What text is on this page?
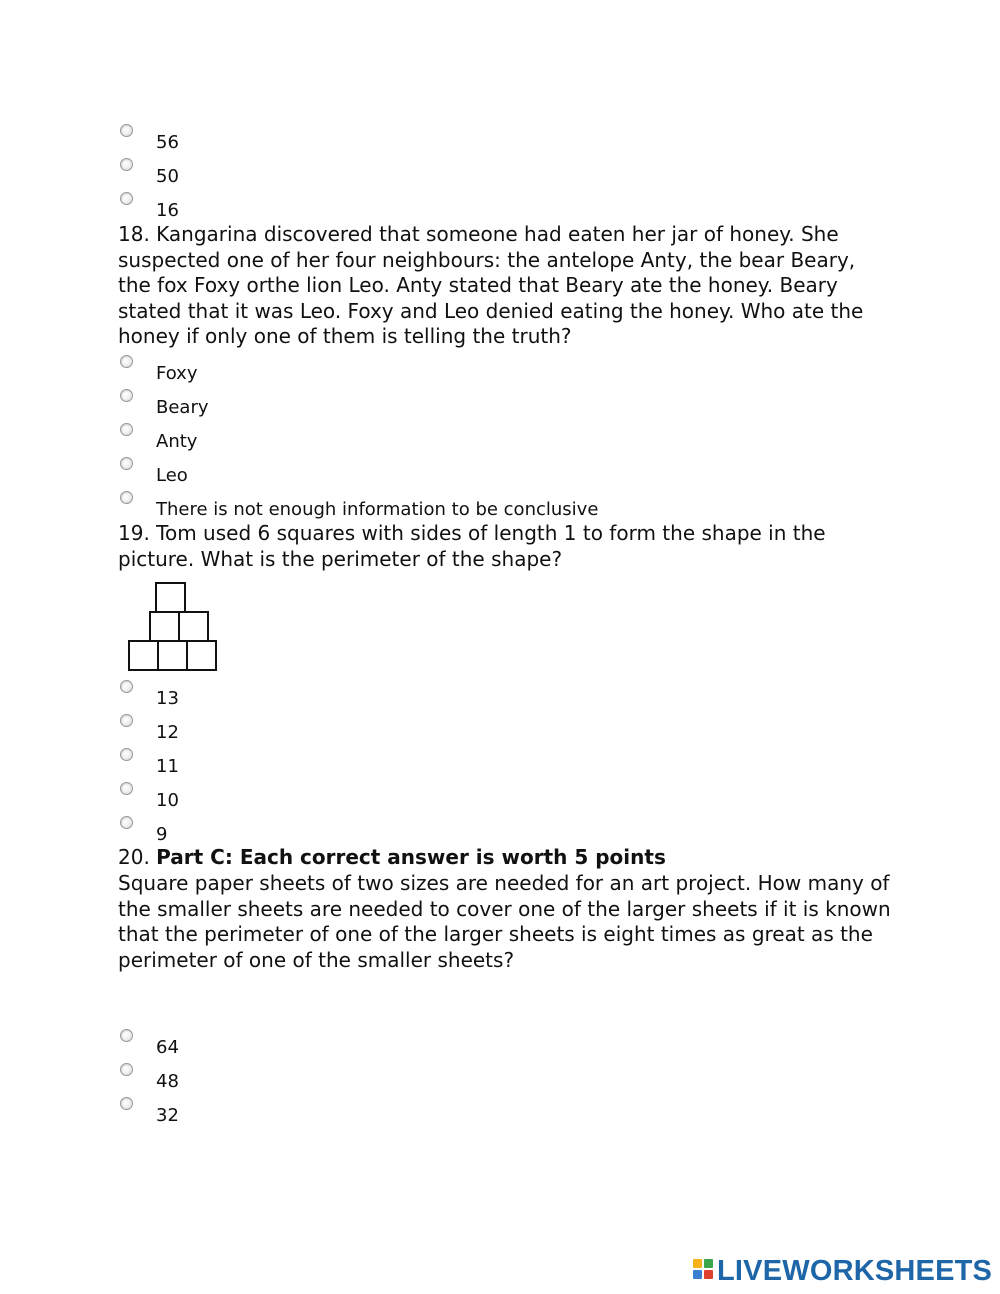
56
50
16

18. Kangarina discovered that someone had eaten her jar of honey. She suspected one of her four neighbours: the antelope Anty, the bear Beary, the fox Foxy orthe lion Leo. Anty stated that Beary ate the honey. Beary stated that it was Leo. Foxy and Leo denied eating the honey. Who ate the honey if only one of them is telling the truth?

Foxy
Beary
Anty
Leo
There is not enough information to be conclusive

19. Tom used 6 squares with sides of length 1 to form the shape in the picture. What is the perimeter of the shape?

13
12
11
10
9

20. Part C: Each correct answer is worth 5 points

Square paper sheets of two sizes are needed for an art project. How many of the smaller sheets are needed to cover one of the larger sheets if it is known that the perimeter of one of the larger sheets is eight times as great as the perimeter of one of the smaller sheets?

64
48
32
LIVEWORKSHEETS
